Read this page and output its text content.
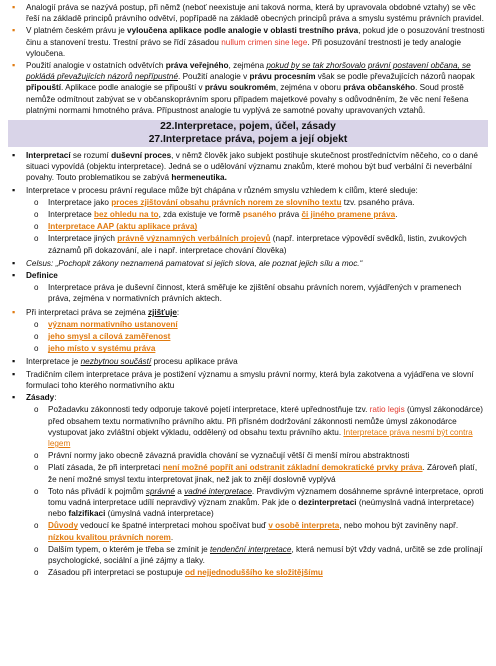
▪ Analogií práva se nazývá postup, při němž (neboť neexistuje ani taková norma, která by upravovala obdobné vztahy) se věc řeší na základě principů právního odvětví, popřípadě na základě obecných principů práva a smyslu systému právních pravidel.
▪ V platném českém právu je vyloučena aplikace podle analogie v oblasti trestního práva, pokud jde o posuzování trestnosti činu a stanovení trestu. Trestní právo se řídí zásadou nullum crimen sine lege. Při posuzování trestnosti je tedy analogie vyloučena.
▪ Použití analogie v ostatních odvětvích práva veřejného, zejména pokud by se tak zhoršovalo právní postavení občana, se pokládá převažujících názorů nepřípustné. Použití analogie v právu procesním však se podle převažujících názorů naopak připouští. Aplikace podle analogie se připouští v právu soukromém, zejména v oboru práva občanského. Soud prostě nemůže odmítnout zabývat se v občanskoprávním sporu případem majetkové povahy s odůvodněním, že věc není řešena platnými normami hmotného práva. Přípustnost analogie tu vyplývá ze samotné povahy upravovaných vztahů.
22.Interpretace, pojem, účel, zásady
27.Interpretace práva, pojem a její objekt
▪ Interpretací se rozumí duševní proces, v němž člověk jako subjekt postihuje skutečnost prostředníctvím něčeho, co o dané situaci vypovídá (objektu interpretace). Jedná se o udělování významu znakům, které mohou být buď verbální či neverbální povahy. Touto problematikou se zabývá hermeneutika.
▪ Interpretace v procesu právní regulace může být chápána v různém smyslu vzhledem k cílům, které sleduje:
o Interpretace jako proces zjištování obsahu právních norem ze slovního textu tzv. psaného práva.
o Interpretace bez ohledu na to, zda existuje ve formě psaného práva či jiného pramene práva.
o Interpretace AAP (aktu aplikace práva)
o Interpretace jiných právně významných verbálních projevů (např. interpretace výpovědí svědků, listin, zvukových záznamů při dokazování, ale i např. interpretace chování člověka)
▪ Celsus: „Pochopit zákony neznamená pamatovat si jejich slova, ale poznat jejich sílu a moc.“
▪ Definice
o Interpretace práva je duševní činnost, která směřuje ke zjištění obsahu právních norem, vyjádřených v pramenech práva, zejména v normativních právních aktech.
▪ Při interpretaci práva se zejména zjišťuje:
o význam normativního ustanovení
o jeho smysl a cílová zaměřenost
o jeho místo v systému práva
▪ Interpretace je nezbytnou součástí procesu aplikace práva
▪ Tradičním cílem interpretace práva je postižení významu a smyslu právní normy, která byla zakotvena a vyjádřena ve slovní formulaci toho kterého normativního aktu
▪ Zásady:
o Požadavku zákonnosti tedy odporuje takové pojetí interpretace, které upřednostňuje tzv. ratio legis (úmysl zákonodárce) před obsahem textu normativního právního aktu. Při přísném dodržování zákonnosti nemůže úmysl zákonodárce vystupovat jako zvláštní objekt výkladu, oddělený od obsahu textu právního aktu. Interpretace práva nesmí být contra legem
o Právní normy jako obecně závazná pravidla chování se vyznačují větší či menší mírou abstraktnosti
o Platí zásada, že při interpretaci není možné popřít ani odstranit základní demokratické prvky práva. Zároveň platí, že není možné smysl textu interpretovat jinak, než jak to znějí doslovně vyplývá
o Toto nás přivádí k pojmům správné a vadné interpretace. Pravdivým významem dosáhneme správné interpretace, oproti tomu vadná interpretace udílí nepravdivý význam znakům. Pak jde o dezinterpretaci (neúmyslná vadná interpretace) nebo falzifikaci (úmyslná vadná interpretace)
o Důvody vedoucí ke špatné interpretaci mohou spočívat buď v osobě interpreta, nebo mohou být zaviněny např. nízkou kvalitou právních norem.
o Dalším typem, o kterém je třeba se zmínit je tendenční interpretace, která nemusí být vždy vadná, určitě se zde prolínají psychologické, sociální a jiné zájmy a tlaky.
o Zásadou při interpretaci se postupuje od nejjednoduššího ke složitějšímu
